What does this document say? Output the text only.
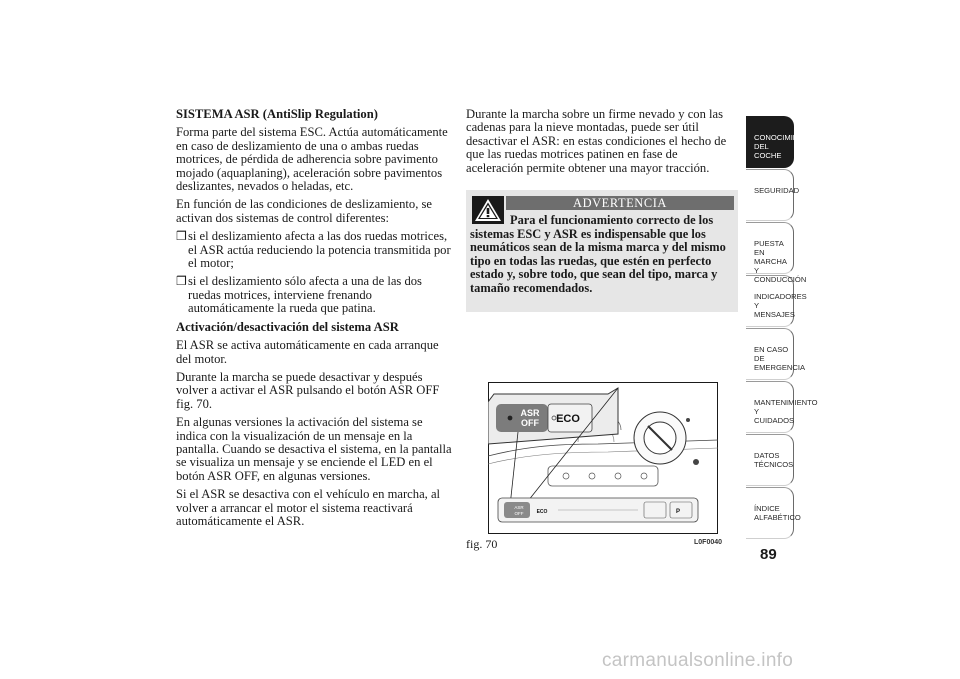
SISTEMA ASR (AntiSlip Regulation)

Forma parte del sistema ESC. Actúa automáticamente en caso de deslizamiento de una o ambas ruedas motrices, de pérdida de adherencia sobre pavimento mojado (aquaplaning), aceleración sobre pavimentos deslizantes, nevados o heladas, etc.

En función de las condiciones de deslizamiento, se activan dos sistemas de control diferentes:

❒ si el deslizamiento afecta a las dos ruedas motrices, el ASR actúa reduciendo la potencia transmitida por el motor;
❒ si el deslizamiento sólo afecta a una de las dos ruedas motrices, interviene frenando automáticamente la rueda que patina.

Activación/desactivación del sistema ASR

El ASR se activa automáticamente en cada arranque del motor.

Durante la marcha se puede desactivar y después volver a activar el ASR pulsando el botón ASR OFF fig. 70.

En algunas versiones la activación del sistema se indica con la visualización de un mensaje en la pantalla. Cuando se desactiva el sistema, en la pantalla se visualiza un mensaje y se enciende el LED en el botón ASR OFF, en algunas versiones.

Si el ASR se desactiva con el vehículo en marcha, al volver a arrancar el motor el sistema reactivará automáticamente el ASR.

Durante la marcha sobre un firme nevado y con las cadenas para la nieve montadas, puede ser útil desactivar el ASR: en estas condiciones el hecho de que las ruedas motrices patinen en fase de aceleración permite obtener una mayor tracción.

ADVERTENCIA
Para el funcionamiento correcto de los sistemas ESC y ASR es indispensable que los neumáticos sean de la misma marca y del mismo tipo en todas las ruedas, que estén en perfecto estado y, sobre todo, que sean del tipo, marca y tamaño recomendados.
ASR
OFF ECO
ASR
OFF	ECO	P
fig. 70	L0F0040
CONOCIMIENTO
DEL COCHE
SEGURIDAD
PUESTA EN
MARCHA Y
CONDUCCIÓN
INDICADORES Y
MENSAJES
EN CASO DE
EMERGENCIA
MANTENIMIENTO Y
CUIDADOS
DATOS TÉCNICOS
ÍNDICE
ALFABÉTICO
89
carmanualsonline.info
